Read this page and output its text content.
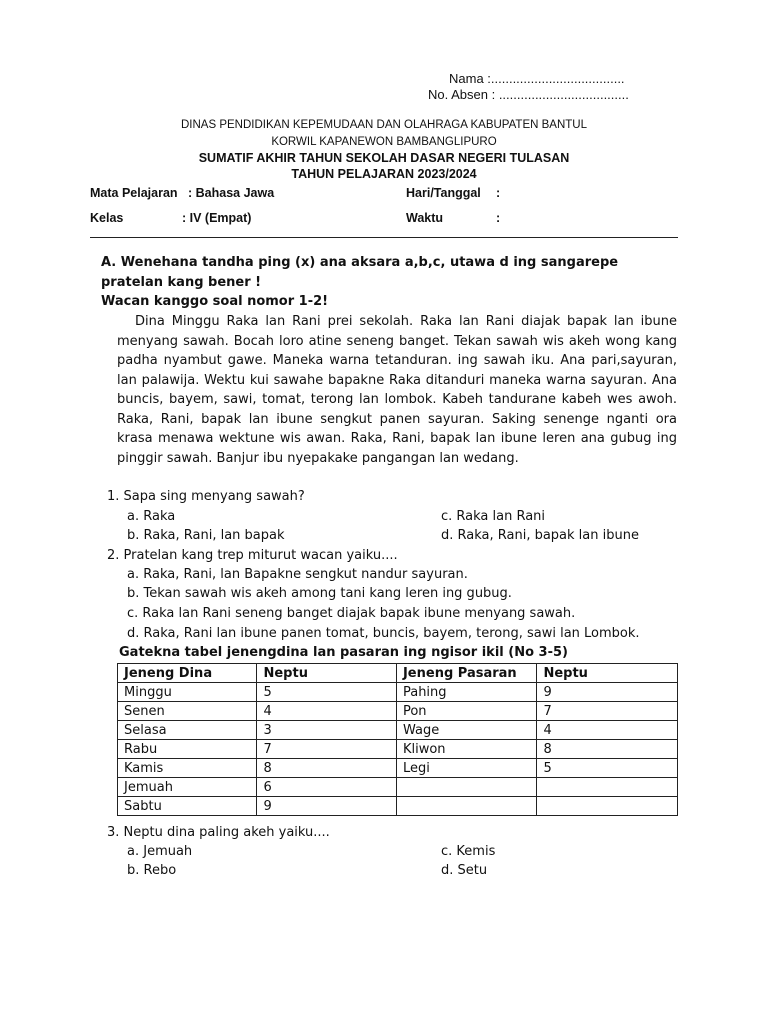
Nama :.....................................
No. Absen : ....................................
DINAS PENDIDIKAN KEPEMUDAAN DAN OLAHRAGA KABUPATEN BANTUL
KORWIL KAPANEWON BAMBANGLIPURO
SUMATIF AKHIR TAHUN SEKOLAH DASAR NEGERI TULASAN
TAHUN PELAJARAN 2023/2024
Mata Pelajaran : Bahasa Jawa	Hari/Tanggal :
Kelas	: IV (Empat)	Waktu	:
A. Wenehana tandha ping (x) ana aksara a,b,c, utawa d ing sangarepe
pratelan kang bener !
Wacan kanggo soal nomor 1-2!
Dina Minggu Raka lan Rani prei sekolah. Raka lan Rani diajak bapak lan ibune menyang sawah. Bocah loro atine seneng banget. Tekan sawah wis akeh wong kang padha nyambut gawe. Maneka warna tetanduran. ing sawah iku. Ana pari,sayuran, lan palawija. Wektu kui sawahe bapakne Raka ditanduri maneka warna sayuran. Ana buncis, bayem, sawi, tomat, terong lan lombok. Kabeh tandurane kabeh wes awoh. Raka, Rani, bapak lan ibune sengkut panen sayuran. Saking senenge nganti ora krasa menawa wektune wis awan. Raka, Rani, bapak lan ibune leren ana gubug ing pinggir sawah. Banjur ibu nyepakake pangangan lan wedang.
1. Sapa sing menyang sawah?
a. Raka	c. Raka lan Rani
b. Raka, Rani, lan bapak	d. Raka, Rani, bapak lan ibune
2. Pratelan kang trep miturut wacan yaiku....
a. Raka, Rani, lan Bapakne sengkut nandur sayuran.
b. Tekan sawah wis akeh among tani kang leren ing gubug.
c. Raka lan Rani seneng banget diajak bapak ibune menyang sawah.
d. Raka, Rani lan ibune panen tomat, buncis, bayem, terong, sawi lan Lombok.
Gatekna tabel jenengdina lan pasaran ing ngisor ikil (No 3-5)
Jeneng Dina	Neptu	Jeneng Pasaran	Neptu
Minggu	5	Pahing	9
Senen	4	Pon	7
Selasa	3	Wage	4
Rabu	7	Kliwon	8
Kamis	8	Legi	5
Jemuah	6		
Sabtu	9		
3. Neptu dina paling akeh yaiku....
a. Jemuah	c. Kemis
b. Rebo	d. Setu
